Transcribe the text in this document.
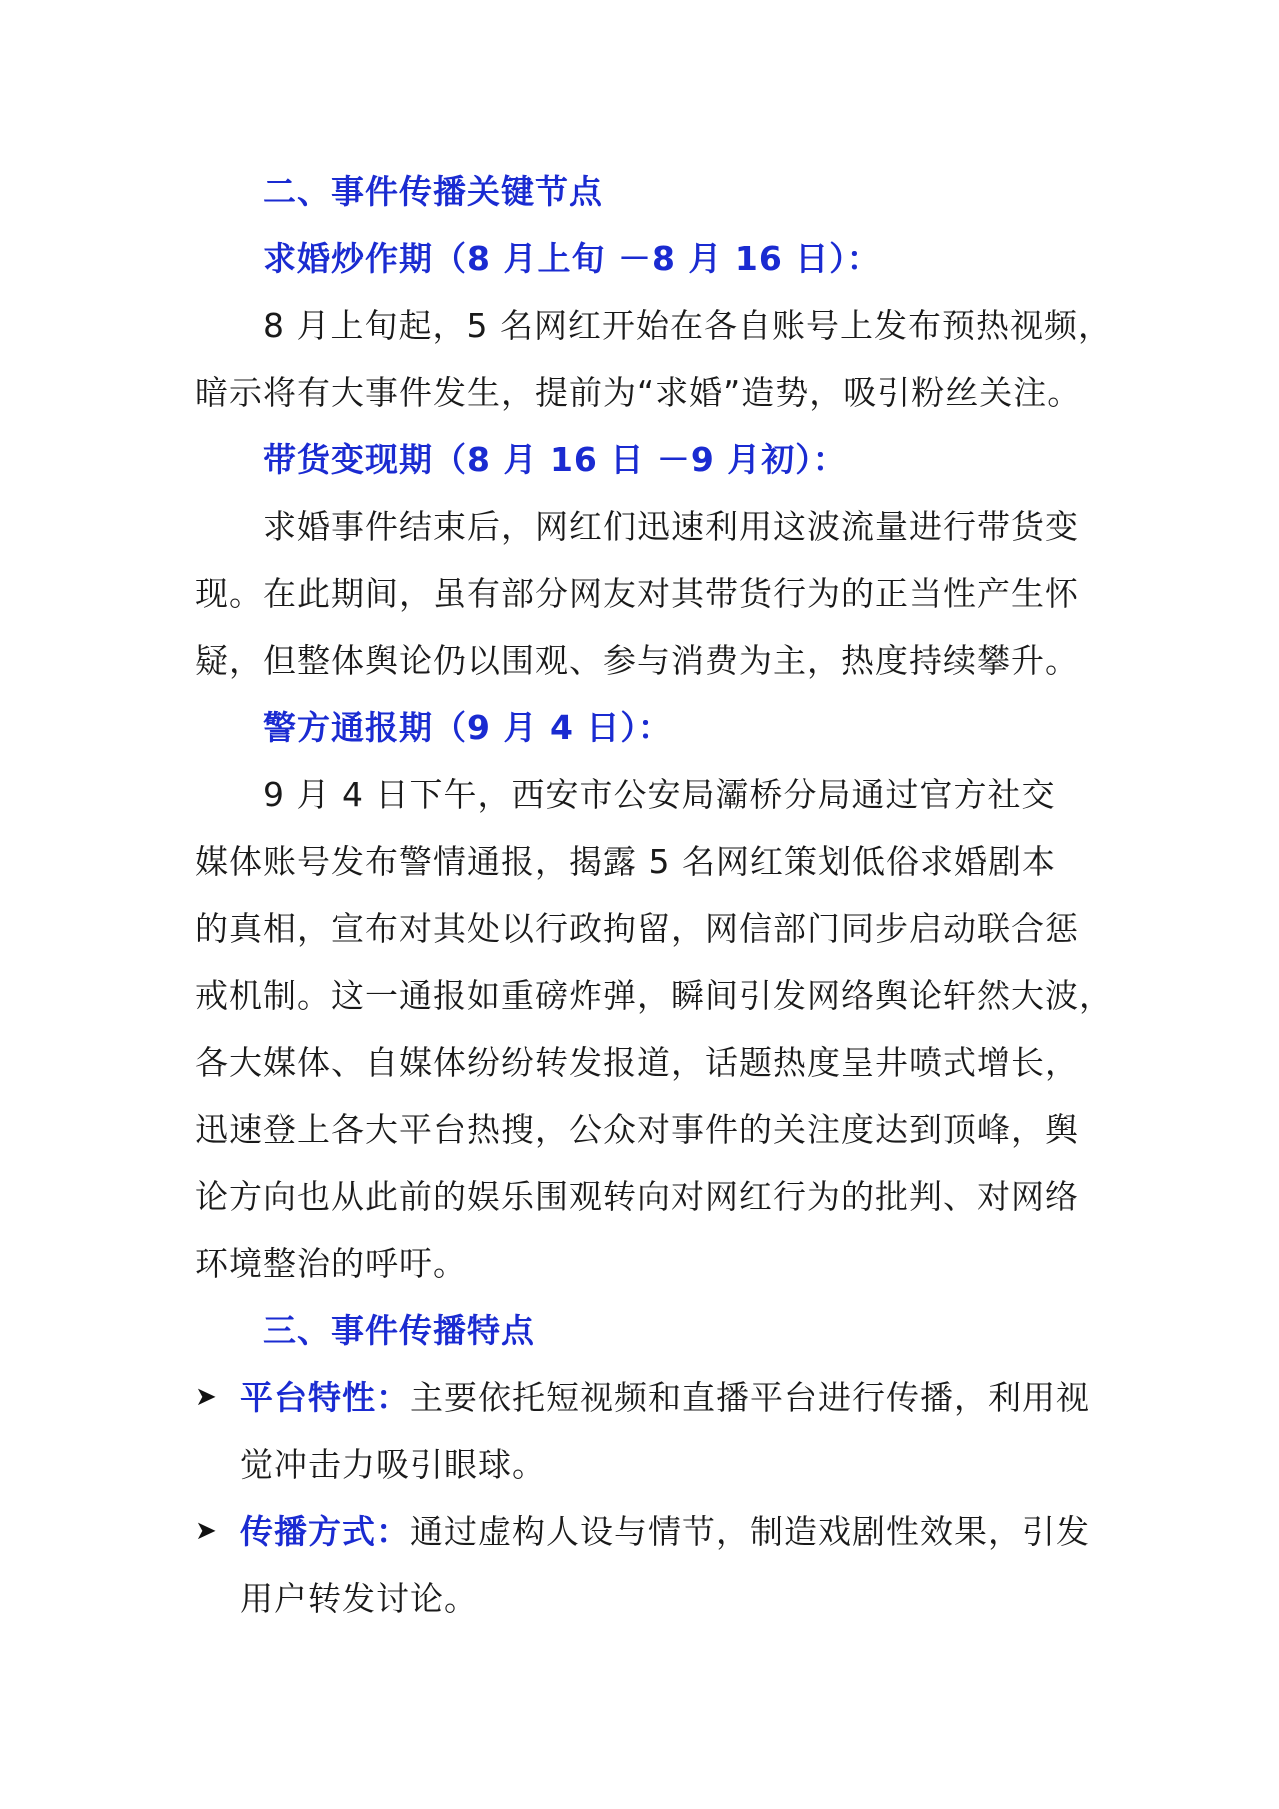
二、事件传播关键节点
求婚炒作期（8 月上旬 －8 月 16 日）：
8 月上旬起，5 名网红开始在各自账号上发布预热视频，
暗示将有大事件发生，提前为“求婚”造势，吸引粉丝关注。
带货变现期（8 月 16 日 －9 月初）：
求婚事件结束后，网红们迅速利用这波流量进行带货变
现。在此期间，虽有部分网友对其带货行为的正当性产生怀
疑，但整体舆论仍以围观、参与消费为主，热度持续攀升。
警方通报期（9 月 4 日）：
9 月 4 日下午，西安市公安局灞桥分局通过官方社交
媒体账号发布警情通报，揭露 5 名网红策划低俗求婚剧本
的真相，宣布对其处以行政拘留，网信部门同步启动联合惩
戒机制。这一通报如重磅炸弹，瞬间引发网络舆论轩然大波，
各大媒体、自媒体纷纷转发报道，话题热度呈井喷式增长，
迅速登上各大平台热搜，公众对事件的关注度达到顶峰，舆
论方向也从此前的娱乐围观转向对网红行为的批判、对网络
环境整治的呼吁。
三、事件传播特点
➤ 平台特性：主要依托短视频和直播平台进行传播，利用视
觉冲击力吸引眼球。
➤ 传播方式：通过虚构人设与情节，制造戏剧性效果，引发
用户转发讨论。
